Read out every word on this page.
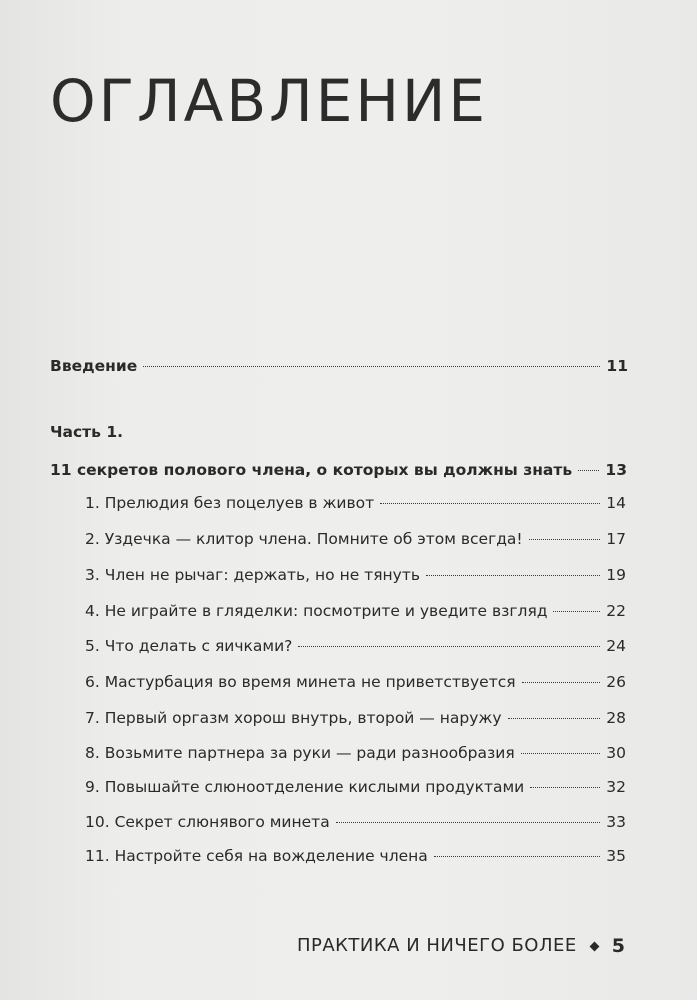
ОГЛАВЛЕНИЕ
Введение	11
Часть 1.
11 секретов полового члена, о которых вы должны знать 13
1. Прелюдия без поцелуев в живот	14
2. Уздечка — клитор члена. Помните об этом всегда!	17
3. Член не рычаг: держать, но не тянуть	19
4. Не играйте в гляделки: посмотрите и уведите взгляд	22
5. Что делать с яичками?	24
6. Мастурбация во время минета не приветствуется	26
7. Первый оргазм хорош внутрь, второй — наружу	28
8. Возьмите партнера за руки — ради разнообразия	30
9. Повышайте слюноотделение кислыми продуктами	32
10. Секрет слюнявого минета	33
11. Настройте себя на вожделение члена	35
ПРАКТИКА И НИЧЕГО БОЛЕЕ 5
